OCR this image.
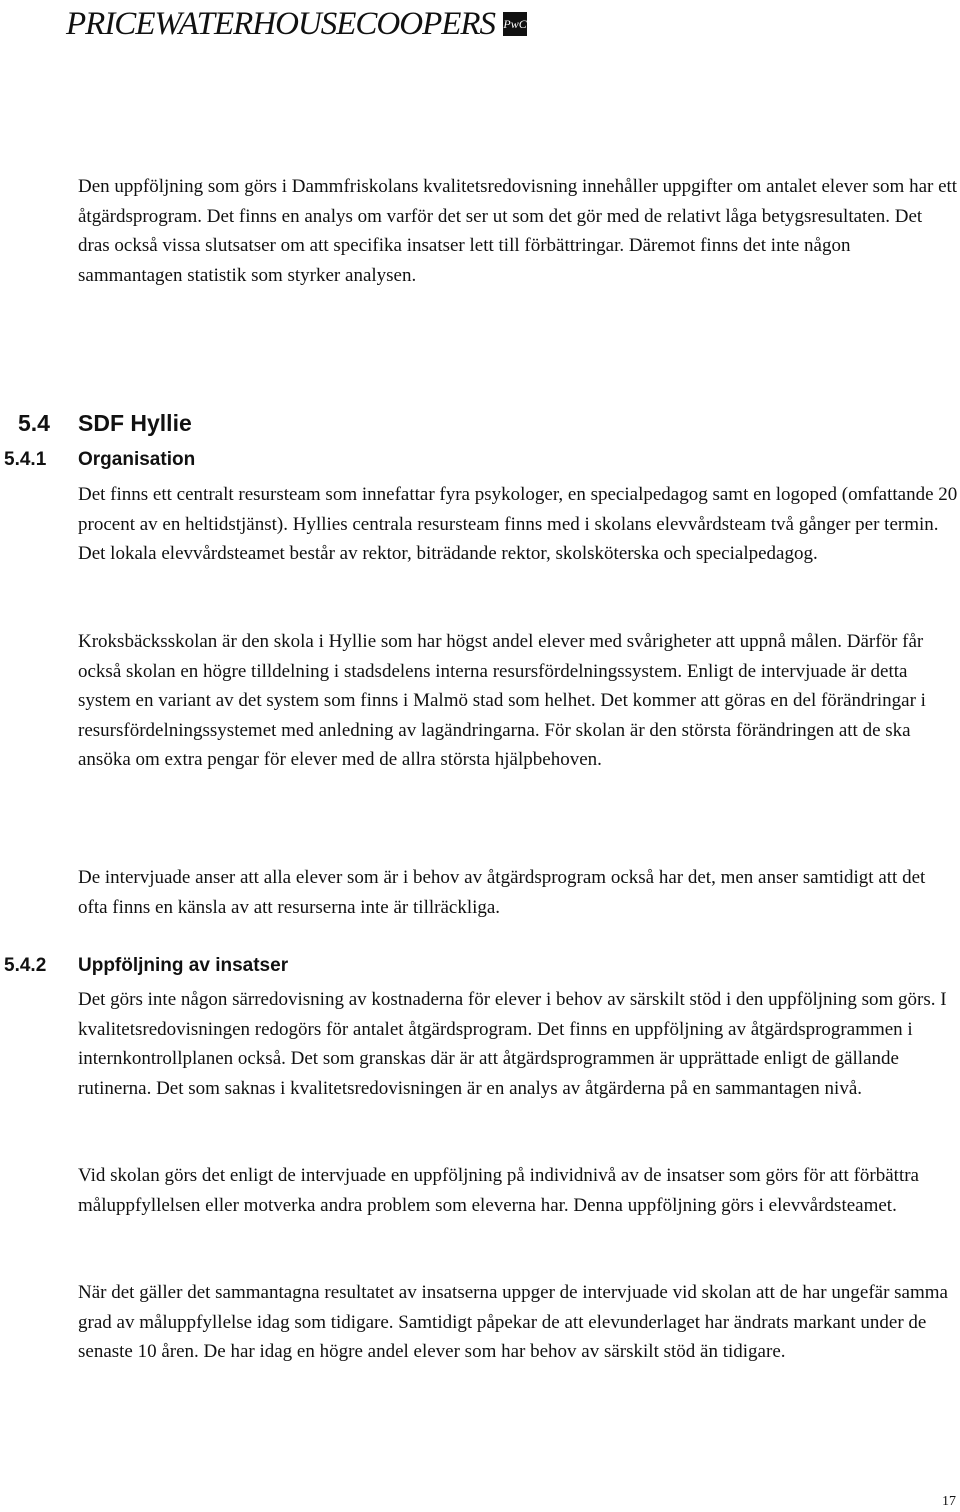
PRICEWATERHOUSECOOPERS PwC

Den uppföljning som görs i Dammfriskolans kvalitetsredovisning innehåller uppgifter om antalet elever som har ett åtgärdsprogram. Det finns en analys om varför det ser ut som det gör med de relativt låga betygsresultaten. Det dras också vissa slutsatser om att specifika insatser lett till förbättringar. Däremot finns det inte någon sammantagen statistik som styrker analysen.

5.4 SDF Hyllie
5.4.1 Organisation

Det finns ett centralt resursteam som innefattar fyra psykologer, en specialpedagog samt en logoped (omfattande 20 procent av en heltidstjänst). Hyllies centrala resursteam finns med i skolans elevvårdsteam två gånger per termin. Det lokala elevvårdsteamet består av rektor, biträdande rektor, skolsköterska och specialpedagog.

Kroksbäcksskolan är den skola i Hyllie som har högst andel elever med svårigheter att uppnå målen. Därför får också skolan en högre tilldelning i stadsdelens interna resursfördelningssystem. Enligt de intervjuade är detta system en variant av det system som finns i Malmö stad som helhet. Det kommer att göras en del förändringar i resursfördelningssystemet med anledning av lagändringarna. För skolan är den största förändringen att de ska ansöka om extra pengar för elever med de allra största hjälpbehoven.

De intervjuade anser att alla elever som är i behov av åtgärdsprogram också har det, men anser samtidigt att det ofta finns en känsla av att resurserna inte är tillräckliga.

5.4.2 Uppföljning av insatser

Det görs inte någon särredovisning av kostnaderna för elever i behov av särskilt stöd i den uppföljning som görs. I kvalitetsredovisningen redogörs för antalet åtgärdsprogram. Det finns en uppföljning av åtgärdsprogrammen i internkontrollplanen också. Det som granskas där är att åtgärdsprogrammen är upprättade enligt de gällande rutinerna. Det som saknas i kvalitetsredovisningen är en analys av åtgärderna på en sammantagen nivå.

Vid skolan görs det enligt de intervjuade en uppföljning på individnivå av de insatser som görs för att förbättra måluppfyllelsen eller motverka andra problem som eleverna har. Denna uppföljning görs i elevvårdsteamet.

När det gäller det sammantagna resultatet av insatserna uppger de intervjuade vid skolan att de har ungefär samma grad av måluppfyllelse idag som tidigare. Samtidigt påpekar de att elevunderlaget har ändrats markant under de senaste 10 åren. De har idag en högre andel elever som har behov av särskilt stöd än tidigare.

17
